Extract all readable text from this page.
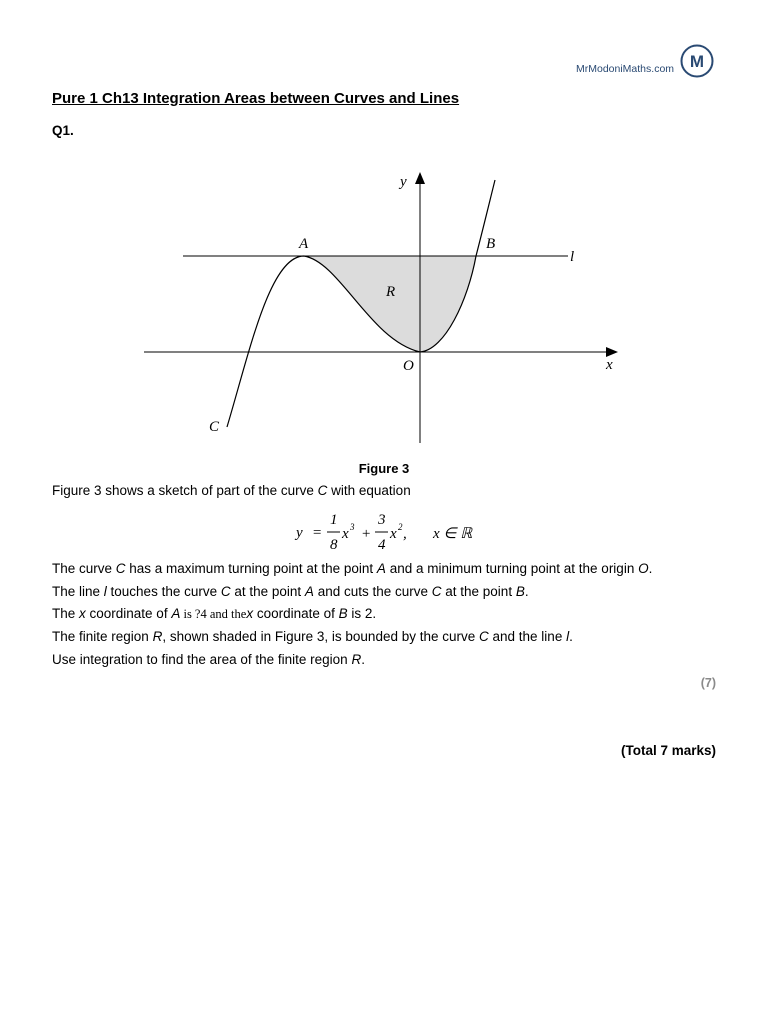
MrModoniMaths.com M
Pure 1 Ch13 Integration Areas between Curves and Lines
Q1.
y
x
A	B
l
R
O
C
Figure 3
Figure 3 shows a sketch of part of the curve C with equation
y =
1
8
x 3 +
3
4
x 2 , x ∈ ℝ
The curve C has a maximum turning point at the point A and a minimum turning point at the origin O.
The line l touches the curve C at the point A and cuts the curve C at the point B.
The x coordinate of A is ?4 and thex coordinate of B is 2.
The finite region R, shown shaded in Figure 3, is bounded by the curve C and the line l.
Use integration to find the area of the finite region R.
(7)
(Total 7 marks)
